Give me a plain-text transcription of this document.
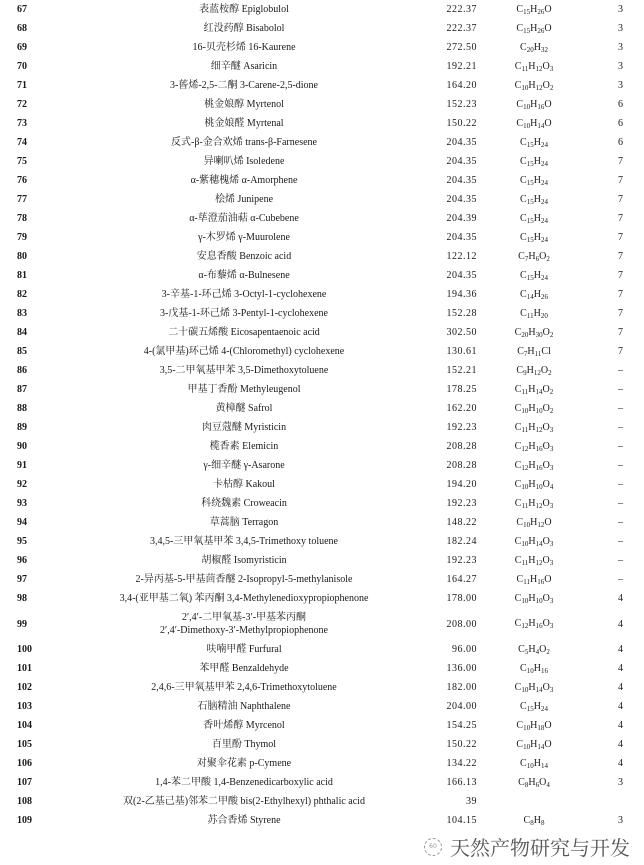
67	表蓝桉醇 Epiglobulol	222.37	$C_{15}H_{26}O$	3
68	红没药醇 Bisabolol	222.37	$C_{15}H_{26}O$	3
69	16-贝壳杉烯 16-Kaurene	272.50	$C_{20}H_{32}$	3
70	细辛醚 Asaricin	192.21	$C_{11}H_{12}O_3$	3
71	3-蒈烯-2,5-二酮 3-Carene-2,5-dione	164.20	$C_{10}H_{12}O_2$	3
72	桃金娘醇 Myrtenol	152.23	$C_{10}H_{16}O$	6
73	桃金娘醛 Myrtenal	150.22	$C_{10}H_{14}O$	6
74	反式-β-金合欢烯 trans-β-Farnesene	204.35	$C_{15}H_{24}$	6
75	异喇叭烯 Isoledene	204.35	$C_{15}H_{24}$	7
76	α-紫穗槐烯 α-Amorphene	204.35	$C_{15}H_{24}$	7
77	桧烯 Junipene	204.35	$C_{15}H_{24}$	7
78	α-荜澄茄油萜 α-Cubebene	204.39	$C_{15}H_{24}$	7
79	γ-木罗烯 γ-Muurolene	204.35	$C_{15}H_{24}$	7
80	安息香酸 Benzoic acid	122.12	$C_7H_6O_2$	7
81	α-布藜烯 α-Bulnesene	204.35	$C_{15}H_{24}$	7
82	3-辛基-1-环己烯 3-Octyl-1-cyclohexene	194.36	$C_{14}H_{26}$	7
83	3-戊基-1-环己烯 3-Pentyl-1-cyclohexene	152.28	$C_{11}H_{20}$	7
84	二十碳五烯酸 Eicosapentaenoic acid	302.50	$C_{20}H_{30}O_2$	7
85	4-(氯甲基)环己烯 4-(Chloromethyl) cyclohexene	130.61	$C_7H_{11}Cl$	7
86	3,5-二甲氧基甲苯 3,5-Dimethoxytoluene	152.21	$C_9H_{12}O_2$	–
87	甲基丁香酚 Methyleugenol	178.25	$C_{11}H_{14}O_2$	–
88	黄樟醚 Safrol	162.20	$C_{10}H_{10}O_2$	–
89	肉豆蔻醚 Myristicin	192.23	$C_{11}H_{12}O_3$	–
90	榄香素 Elemicin	208.28	$C_{12}H_{16}O_3$	–
91	γ-细辛醚 γ-Asarone	208.28	$C_{12}H_{16}O_3$	–
92	卡枯醇 Kakoul	194.20	$C_{10}H_{10}O_4$	–
93	科绕魏素 Croweacin	192.23	$C_{11}H_{12}O_3$	–
94	草蒿脑 Terragon	148.22	$C_{10}H_{12}O$	–
95	3,4,5-三甲氧基甲苯 3,4,5-Trimethoxy toluene	182.24	$C_{10}H_{14}O_3$	–
96	胡椒醛 Isomyristicin	192.23	$C_{11}H_{12}O_3$	–
97	2-异丙基-5-甲基茴香醚 2-Isopropyl-5-methylanisole	164.27	$C_{11}H_{16}O$	–
98	3,4-(亚甲基二氧) 苯丙酮 3,4-Methylenedioxypropiophenone	178.00	$C_{10}H_{10}O_3$	4
99	2′,4′-二甲氧基-3′-甲基苯丙酮
2′,4′-Dimethoxy-3′-Methylpropiophenone	208.00	$C_{12}H_{16}O_3$	4
100	呋喃甲醛 Furfural	96.00	$C_5H_4O_2$	4
101	苯甲醛 Benzaldehyde	136.00	$C_{10}H_{16}$	4
102	2,4,6-三甲氧基甲苯 2,4,6-Trimethoxytoluene	182.00	$C_{10}H_{14}O_3$	4
103	石脑精油 Naphthalene	204.00	$C_{15}H_{24}$	4
104	香叶烯醇 Myrcenol	154.25	$C_{10}H_{18}O$	4
105	百里酚 Thymol	150.22	$C_{10}H_{14}O$	4
106	对聚伞花素 p-Cymene	134.22	$C_{10}H_{14}$	4
107	1,4-苯二甲酸 1,4-Benzenedicarboxylic acid	166.13	$C_8H_6O_4$	3
108	双(2-乙基己基)邻苯二甲酸 bis(2-Ethylhexyl) phthalic acid	39		
109	苏合香烯 Styrene	104.15	$C_8H_8$	3
60 天然产物研究与开发
